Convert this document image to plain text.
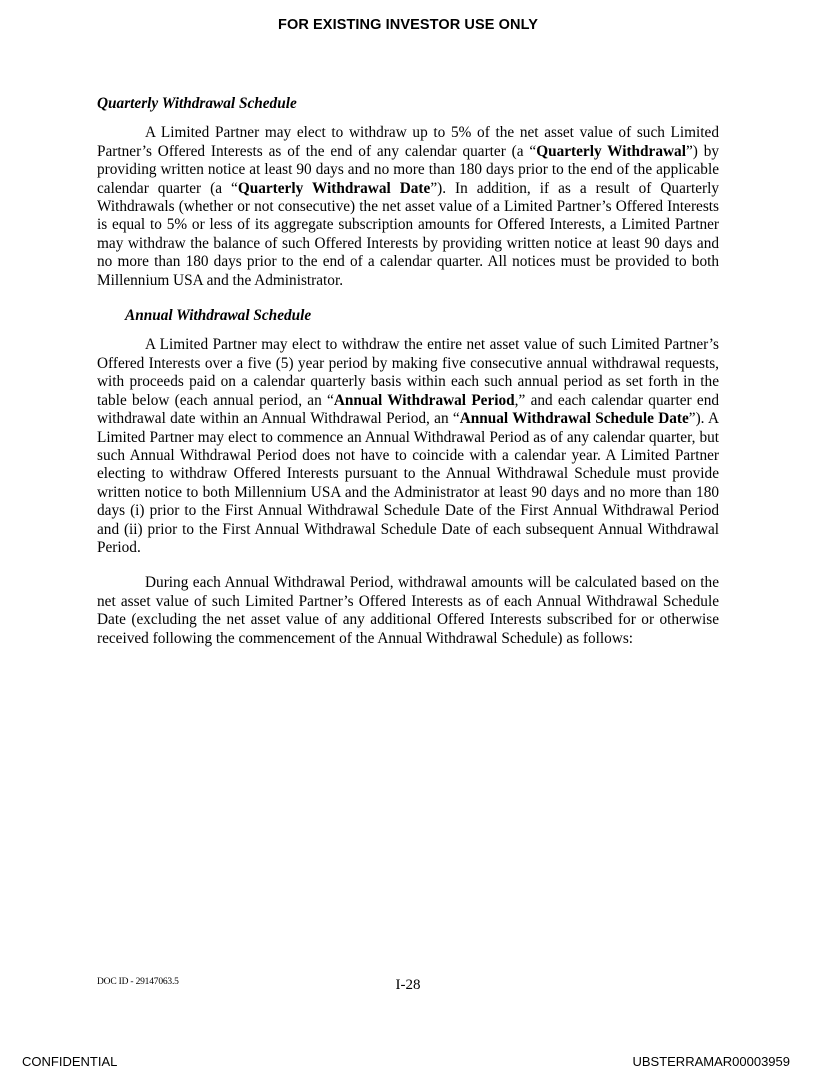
FOR EXISTING INVESTOR USE ONLY
Quarterly Withdrawal Schedule

A Limited Partner may elect to withdraw up to 5% of the net asset value of such Limited Partner’s Offered Interests as of the end of any calendar quarter (a “Quarterly Withdrawal”) by providing written notice at least 90 days and no more than 180 days prior to the end of the applicable calendar quarter (a “Quarterly Withdrawal Date”). In addition, if as a result of Quarterly Withdrawals (whether or not consecutive) the net asset value of a Limited Partner’s Offered Interests is equal to 5% or less of its aggregate subscription amounts for Offered Interests, a Limited Partner may withdraw the balance of such Offered Interests by providing written notice at least 90 days and no more than 180 days prior to the end of a calendar quarter. All notices must be provided to both Millennium USA and the Administrator.

Annual Withdrawal Schedule

A Limited Partner may elect to withdraw the entire net asset value of such Limited Partner’s Offered Interests over a five (5) year period by making five consecutive annual withdrawal requests, with proceeds paid on a calendar quarterly basis within each such annual period as set forth in the table below (each annual period, an “Annual Withdrawal Period,” and each calendar quarter end withdrawal date within an Annual Withdrawal Period, an “Annual Withdrawal Schedule Date”). A Limited Partner may elect to commence an Annual Withdrawal Period as of any calendar quarter, but such Annual Withdrawal Period does not have to coincide with a calendar year. A Limited Partner electing to withdraw Offered Interests pursuant to the Annual Withdrawal Schedule must provide written notice to both Millennium USA and the Administrator at least 90 days and no more than 180 days (i) prior to the First Annual Withdrawal Schedule Date of the First Annual Withdrawal Period and (ii) prior to the First Annual Withdrawal Schedule Date of each subsequent Annual Withdrawal Period.

During each Annual Withdrawal Period, withdrawal amounts will be calculated based on the net asset value of such Limited Partner’s Offered Interests as of each Annual Withdrawal Schedule Date (excluding the net asset value of any additional Offered Interests subscribed for or otherwise received following the commencement of the Annual Withdrawal Schedule) as follows:

DOC ID - 29147063.5	I-28
CONFIDENTIAL	UBSTERRAMAR00003959
